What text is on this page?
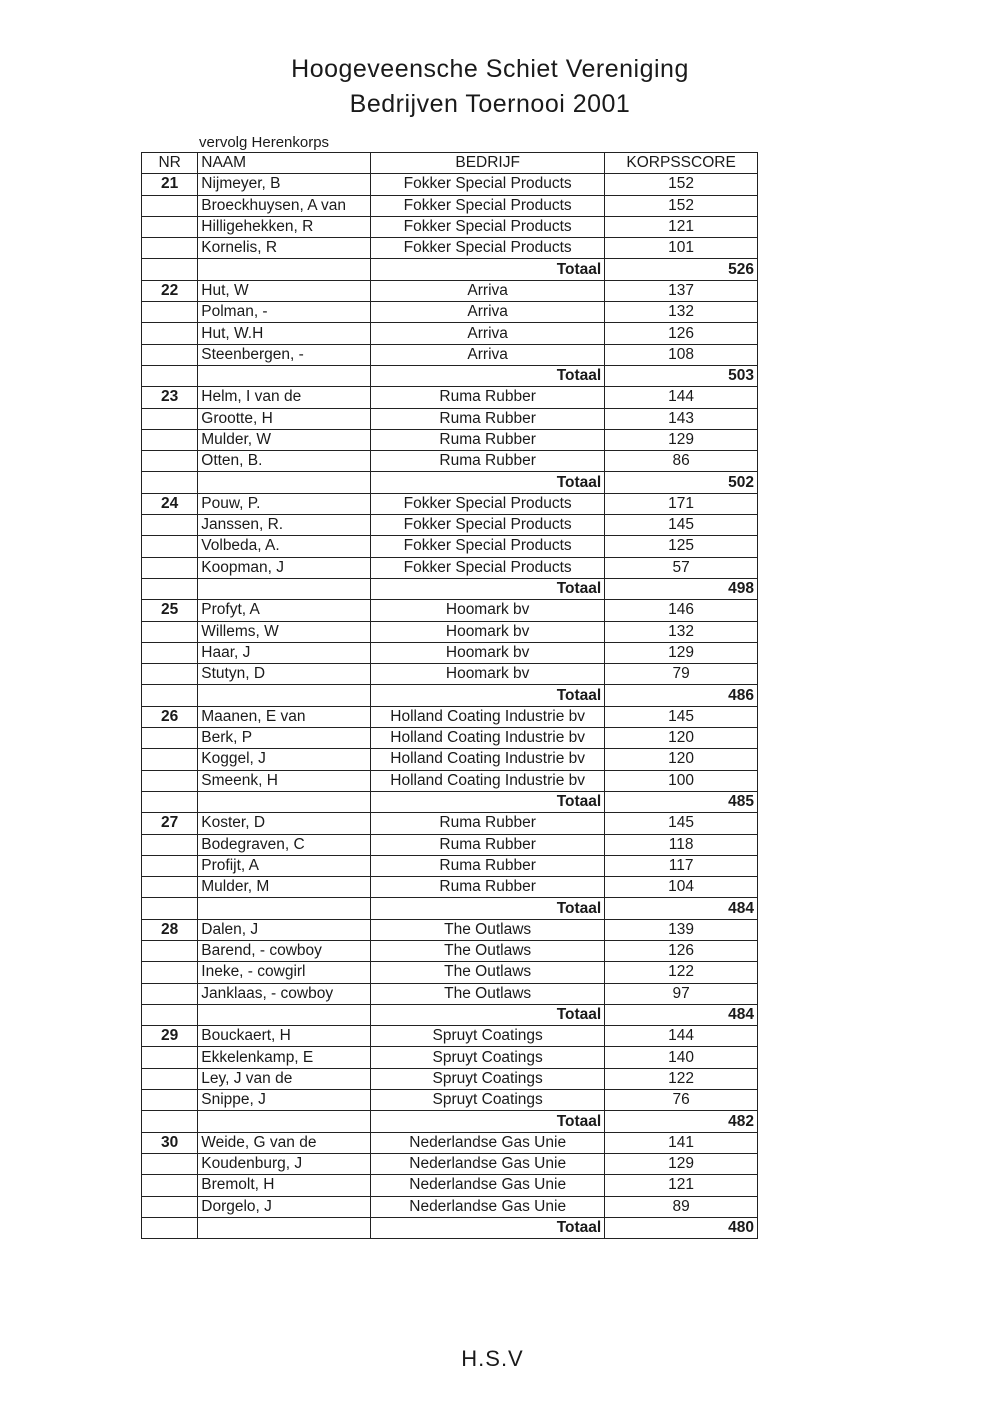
Hoogeveensche Schiet Vereniging
Bedrijven Toernooi 2001
vervolg Herenkorps
NR	NAAM	BEDRIJF	KORPSSCORE
21	Nijmeyer, B	Fokker Special Products	152
	Broeckhuysen, A van	Fokker Special Products	152
	Hilligehekken, R	Fokker Special Products	121
	Kornelis, R	Fokker Special Products	101
		Totaal	526
22	Hut, W	Arriva	137
	Polman, -	Arriva	132
	Hut, W.H	Arriva	126
	Steenbergen, -	Arriva	108
		Totaal	503
23	Helm, I van de	Ruma Rubber	144
	Grootte, H	Ruma Rubber	143
	Mulder, W	Ruma Rubber	129
	Otten, B.	Ruma Rubber	86
		Totaal	502
24	Pouw, P.	Fokker Special Products	171
	Janssen, R.	Fokker Special Products	145
	Volbeda, A.	Fokker Special Products	125
	Koopman, J	Fokker Special Products	57
		Totaal	498
25	Profyt, A	Hoomark bv	146
	Willems, W	Hoomark bv	132
	Haar, J	Hoomark bv	129
	Stutyn, D	Hoomark bv	79
		Totaal	486
26	Maanen, E van	Holland Coating Industrie bv	145
	Berk, P	Holland Coating Industrie bv	120
	Koggel, J	Holland Coating Industrie bv	120
	Smeenk, H	Holland Coating Industrie bv	100
		Totaal	485
27	Koster, D	Ruma Rubber	145
	Bodegraven, C	Ruma Rubber	118
	Profijt, A	Ruma Rubber	117
	Mulder, M	Ruma Rubber	104
		Totaal	484
28	Dalen, J	The Outlaws	139
	Barend, - cowboy	The Outlaws	126
	Ineke, - cowgirl	The Outlaws	122
	Janklaas, - cowboy	The Outlaws	97
		Totaal	484
29	Bouckaert, H	Spruyt Coatings	144
	Ekkelenkamp, E	Spruyt Coatings	140
	Ley, J van de	Spruyt Coatings	122
	Snippe, J	Spruyt Coatings	76
		Totaal	482
30	Weide, G van de	Nederlandse Gas Unie	141
	Koudenburg, J	Nederlandse Gas Unie	129
	Bremolt, H	Nederlandse Gas Unie	121
	Dorgelo, J	Nederlandse Gas Unie	89
		Totaal	480
H.S.V
